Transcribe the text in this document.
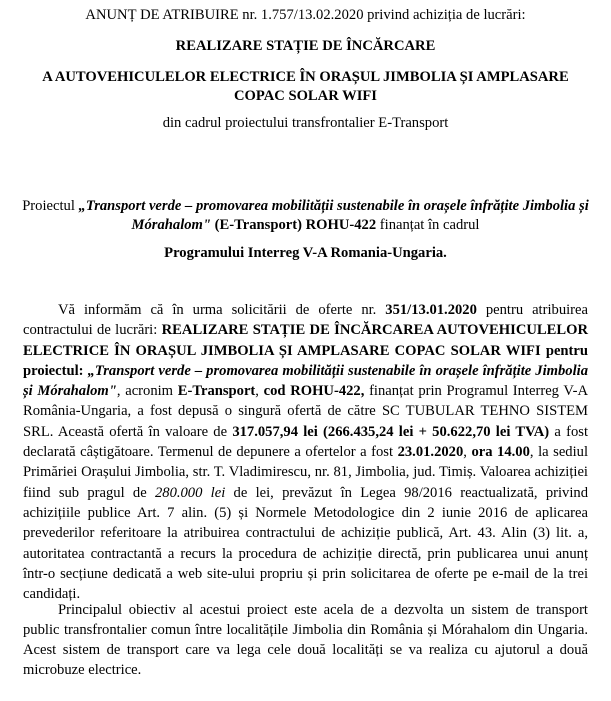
ANUNȚ DE ATRIBUIRE nr. 1.757/13.02.2020 privind achiziția de lucrări:
REALIZARE STAȚIE DE ÎNCĂRCARE
A AUTOVEHICULELOR ELECTRICE ÎN ORAȘUL JIMBOLIA ȘI AMPLASARE COPAC SOLAR WIFI
din cadrul proiectului transfrontalier E-Transport
Proiectul „Transport verde – promovarea mobilității sustenabile în orașele înfrățite Jimbolia și Mórahalom" (E-Transport) ROHU-422 finanțat în cadrul
Programului Interreg V-A Romania-Ungaria.
Vă informăm că în urma solicitării de oferte nr. 351/13.01.2020 pentru atribuirea contractului de lucrări: REALIZARE STAȚIE DE ÎNCĂRCAREA AUTOVEHICULELOR ELECTRICE ÎN ORAȘUL JIMBOLIA ȘI AMPLASARE COPAC SOLAR WIFI pentru proiectul: „Transport verde – promovarea mobilității sustenabile în orașele înfrățite Jimbolia și Mórahalom", acronim E-Transport, cod ROHU-422, finanțat prin Programul Interreg V-A România-Ungaria, a fost depusă o singură ofertă de către SC TUBULAR TEHNO SISTEM SRL. Această ofertă în valoare de 317.057,94 lei (266.435,24 lei + 50.622,70 lei TVA) a fost declarată câștigătoare. Termenul de depunere a ofertelor a fost 23.01.2020, ora 14.00, la sediul Primăriei Orașului Jimbolia, str. T. Vladimirescu, nr. 81, Jimbolia, jud. Timiș. Valoarea achiziției fiind sub pragul de 280.000 lei de lei, prevăzut în Legea 98/2016 reactualizată, privind achizițiile publice Art. 7 alin. (5) și Normele Metodologice din 2 iunie 2016 de aplicarea prevederilor referitoare la atribuirea contractului de achiziție publică, Art. 43. Alin (3) lit. a, autoritatea contractantă a recurs la procedura de achiziție directă, prin publicarea unui anunț într-o secțiune dedicată a web site-ului propriu și prin solicitarea de oferte pe e-mail de la trei candidați.
Principalul obiectiv al acestui proiect este acela de a dezvolta un sistem de transport public transfrontalier comun între localitățile Jimbolia din România și Mórahalom din Ungaria. Acest sistem de transport care va lega cele două localități se va realiza cu ajutorul a două microbuze electrice.
